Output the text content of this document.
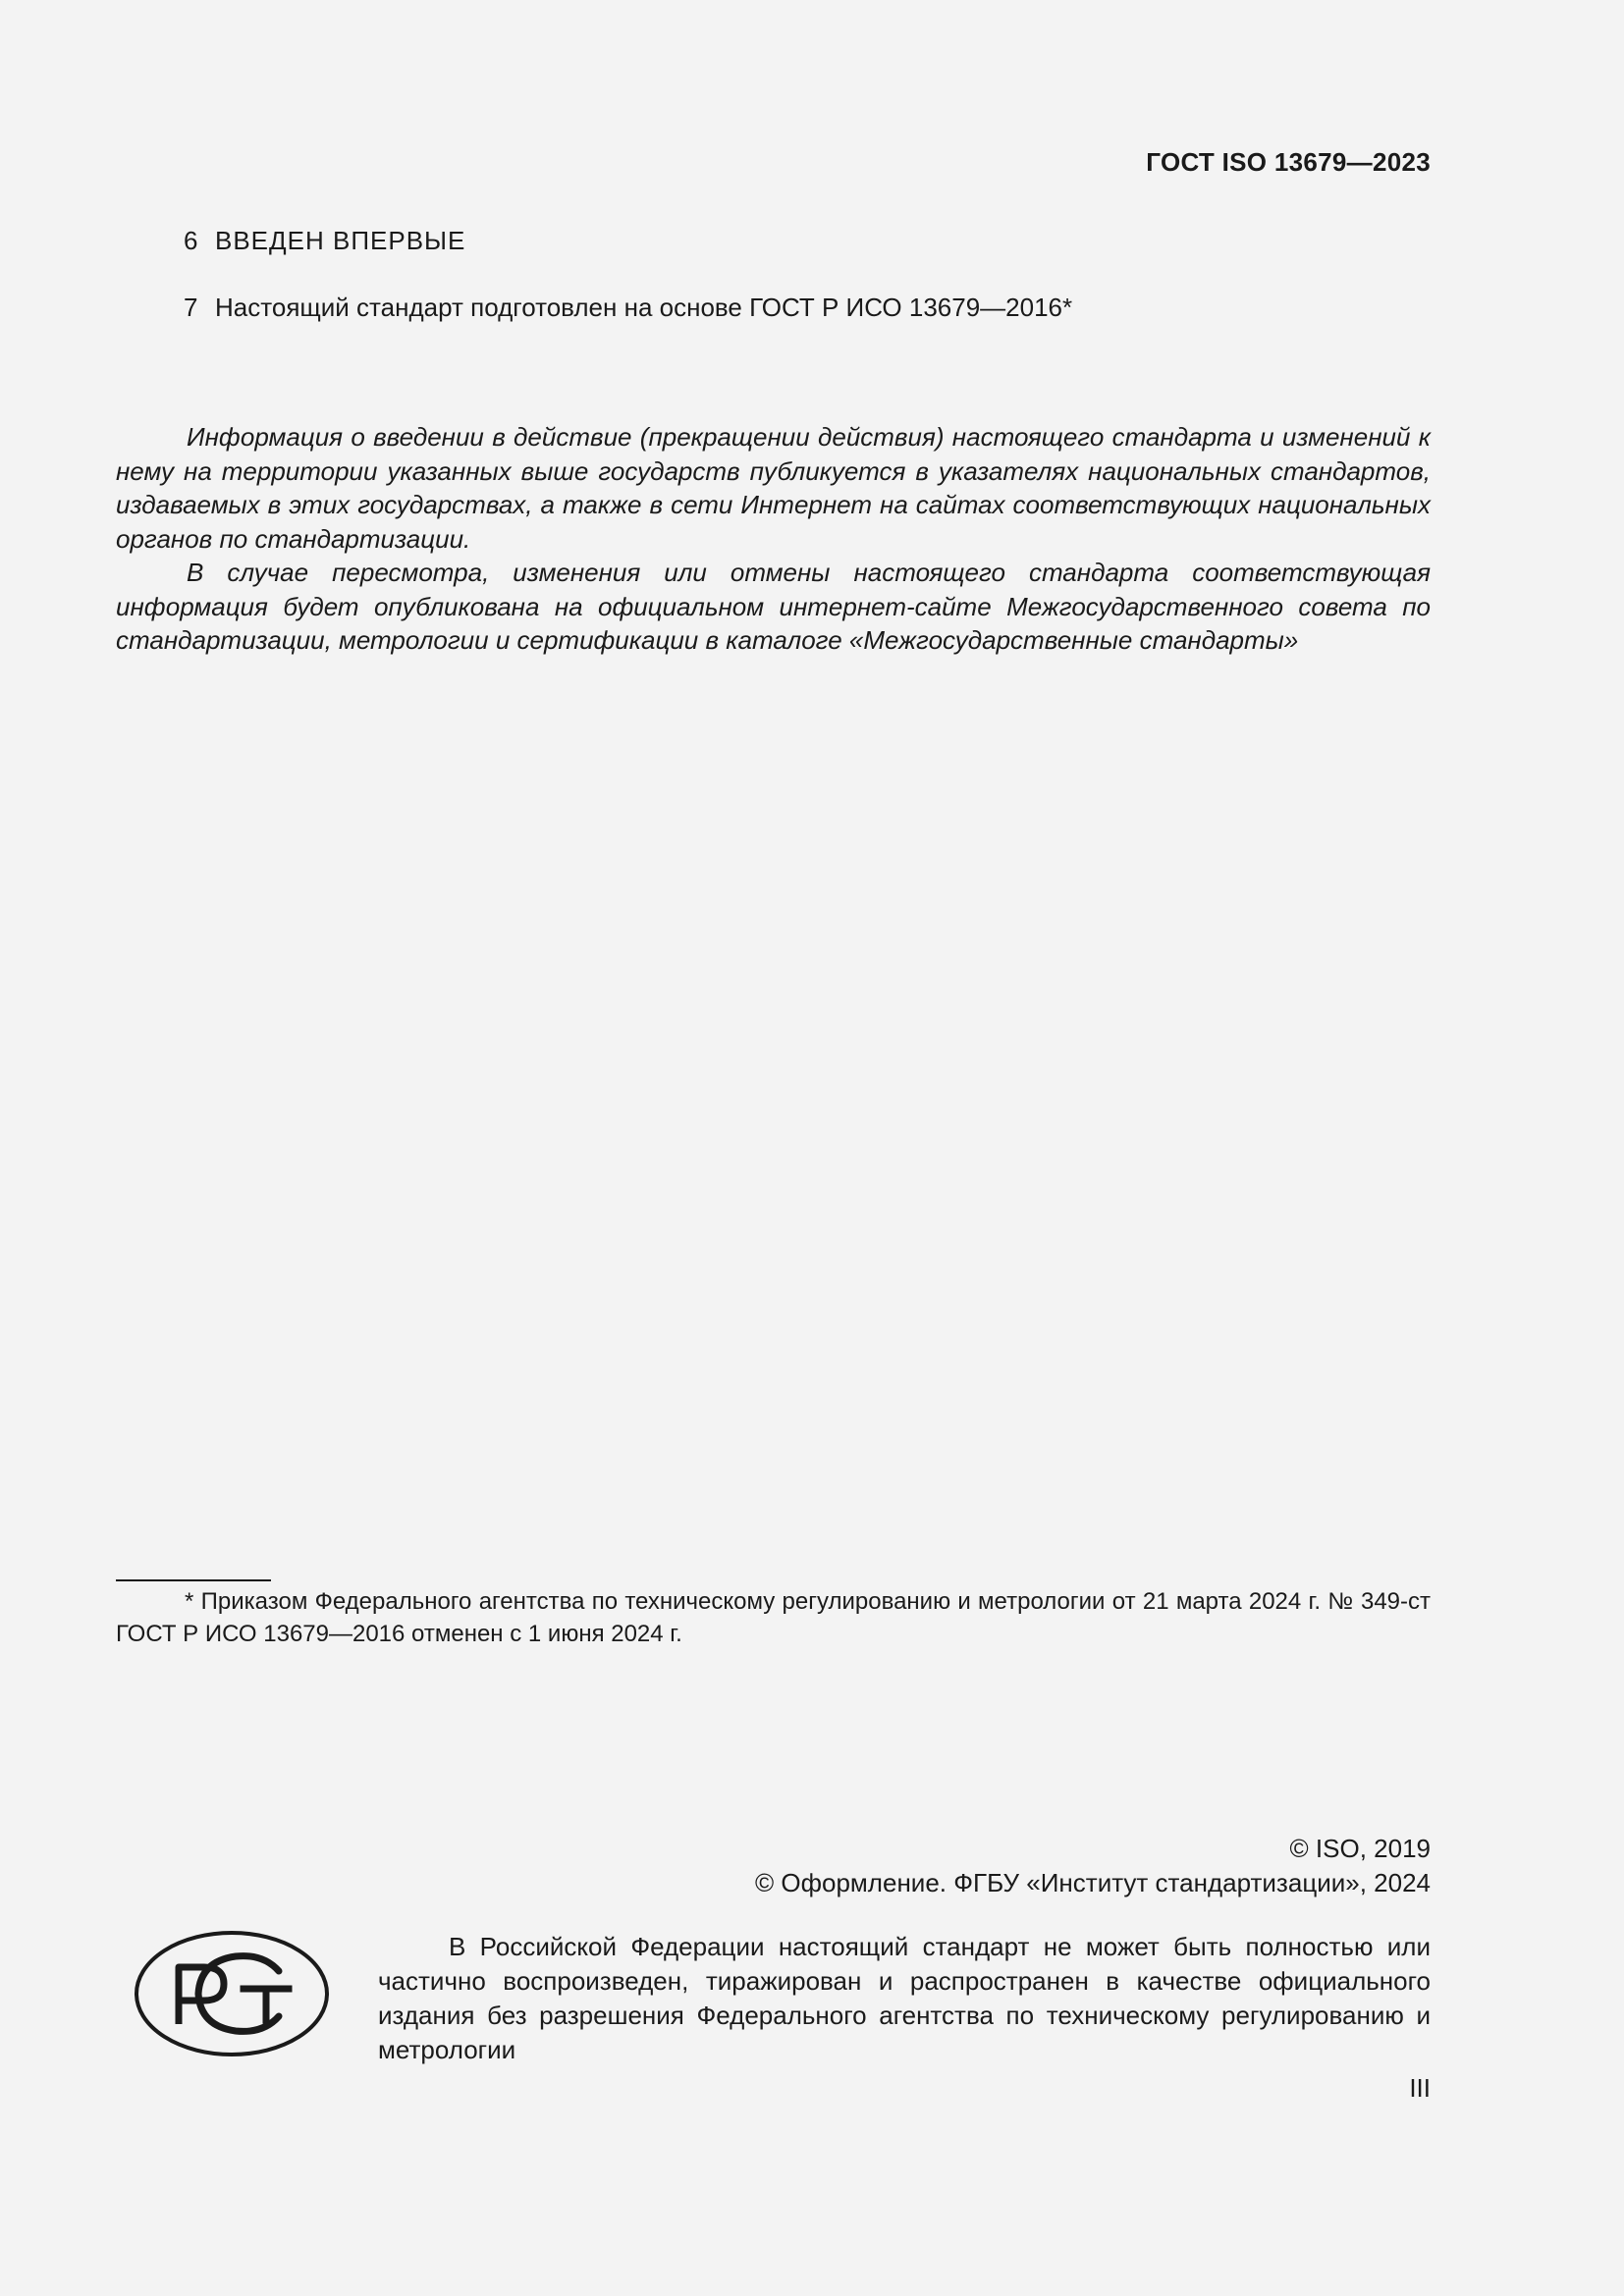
ГОСТ ISO 13679—2023
6 ВВЕДЕН ВПЕРВЫЕ
7 Настоящий стандарт подготовлен на основе ГОСТ Р ИСО 13679—2016*

Информация о введении в действие (прекращении действия) настоящего стандарта и изменений к нему на территории указанных выше государств публикуется в указателях национальных стандартов, издаваемых в этих государствах, а также в сети Интернет на сайтах соответствующих национальных органов по стандартизации.

В случае пересмотра, изменения или отмены настоящего стандарта соответствующая информация будет опубликована на официальном интернет-сайте Межгосударственного совета по стандартизации, метрологии и сертификации в каталоге «Межгосударственные стандарты»

* Приказом Федерального агентства по техническому регулированию и метрологии от 21 марта 2024 г. № 349-ст ГОСТ Р ИСО 13679—2016 отменен с 1 июня 2024 г.

© ISO, 2019
© Оформление. ФГБУ «Институт стандартизации», 2024

В Российской Федерации настоящий стандарт не может быть полностью или частично воспроизведен, тиражирован и распространен в качестве официального издания без разрешения Федерального агентства по техническому регулированию и метрологии

III
